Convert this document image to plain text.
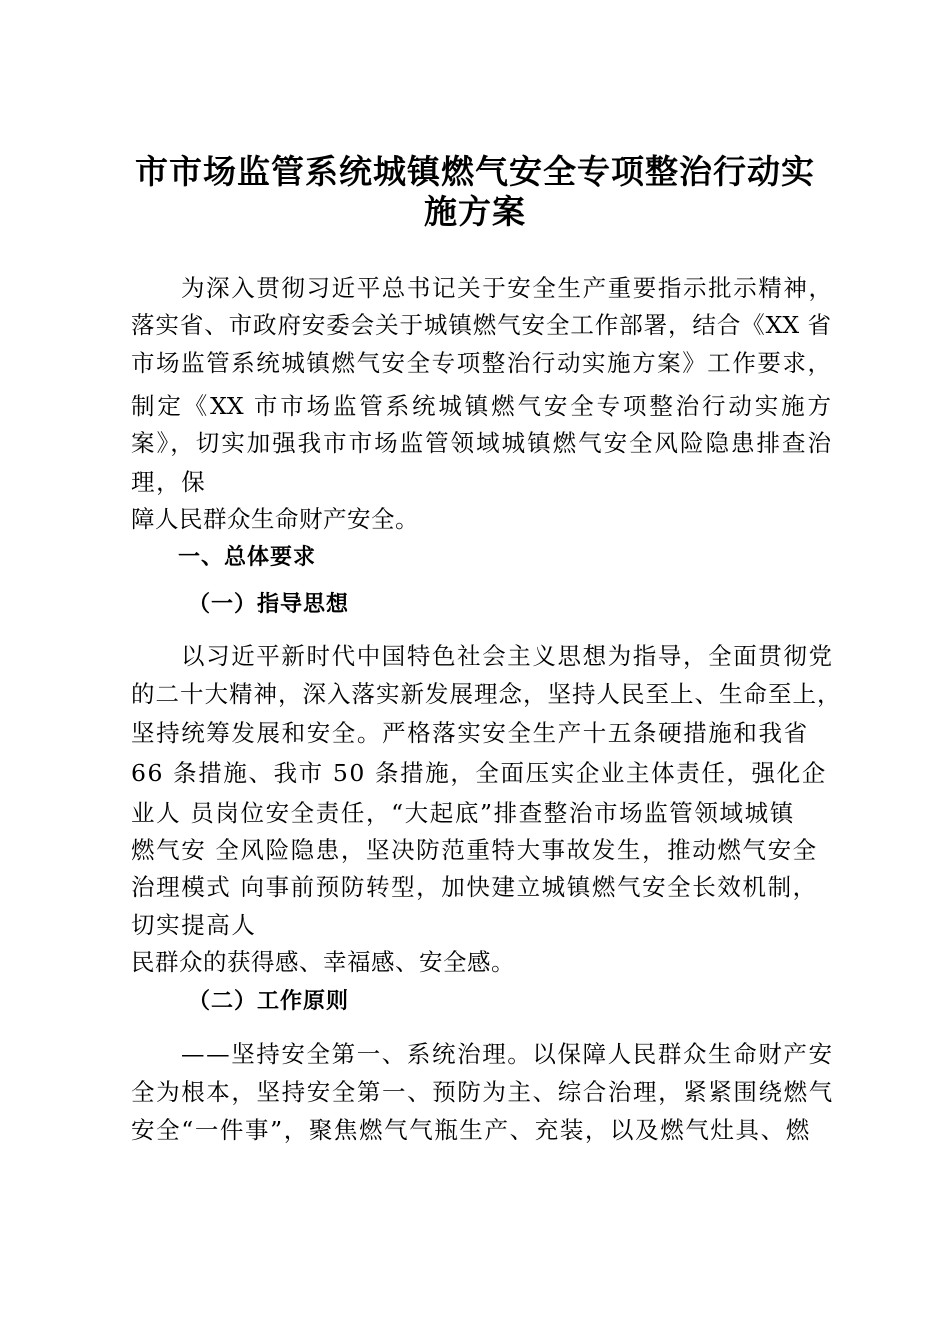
市市场监管系统城镇燃气安全专项整治行动实
施方案
为深入贯彻习近平总书记关于安全生产重要指示批示精神，
落实省、市政府安委会关于城镇燃气安全工作部署，结合《XX 省
市场监管系统城镇燃气安全专项整治行动实施方案》工作要求，
制定《XX 市市场监管系统城镇燃气安全专项整治行动实施方
案》，切实加强我市市场监管领域城镇燃气安全风险隐患排查治
理，保
障人民群众生命财产安全。
一、总体要求
（一）指导思想
以习近平新时代中国特色社会主义思想为指导，全面贯彻党
的二十大精神，深入落实新发展理念，坚持人民至上、生命至上，
坚持统筹发展和安全。严格落实安全生产十五条硬措施和我省
66 条措施、我市 50 条措施，全面压实企业主体责任，强化企
业人 员岗位安全责任，“大起底”排查整治市场监管领域城镇
燃气安 全风险隐患，坚决防范重特大事故发生，推动燃气安全
治理模式 向事前预防转型，加快建立城镇燃气安全长效机制，
切实提高人
民群众的获得感、幸福感、安全感。
（二）工作原则
——坚持安全第一、系统治理。以保障人民群众生命财产安
全为根本，坚持安全第一、预防为主、综合治理，紧紧围绕燃气
安全“一件事”，聚焦燃气气瓶生产、充装，以及燃气灶具、燃
